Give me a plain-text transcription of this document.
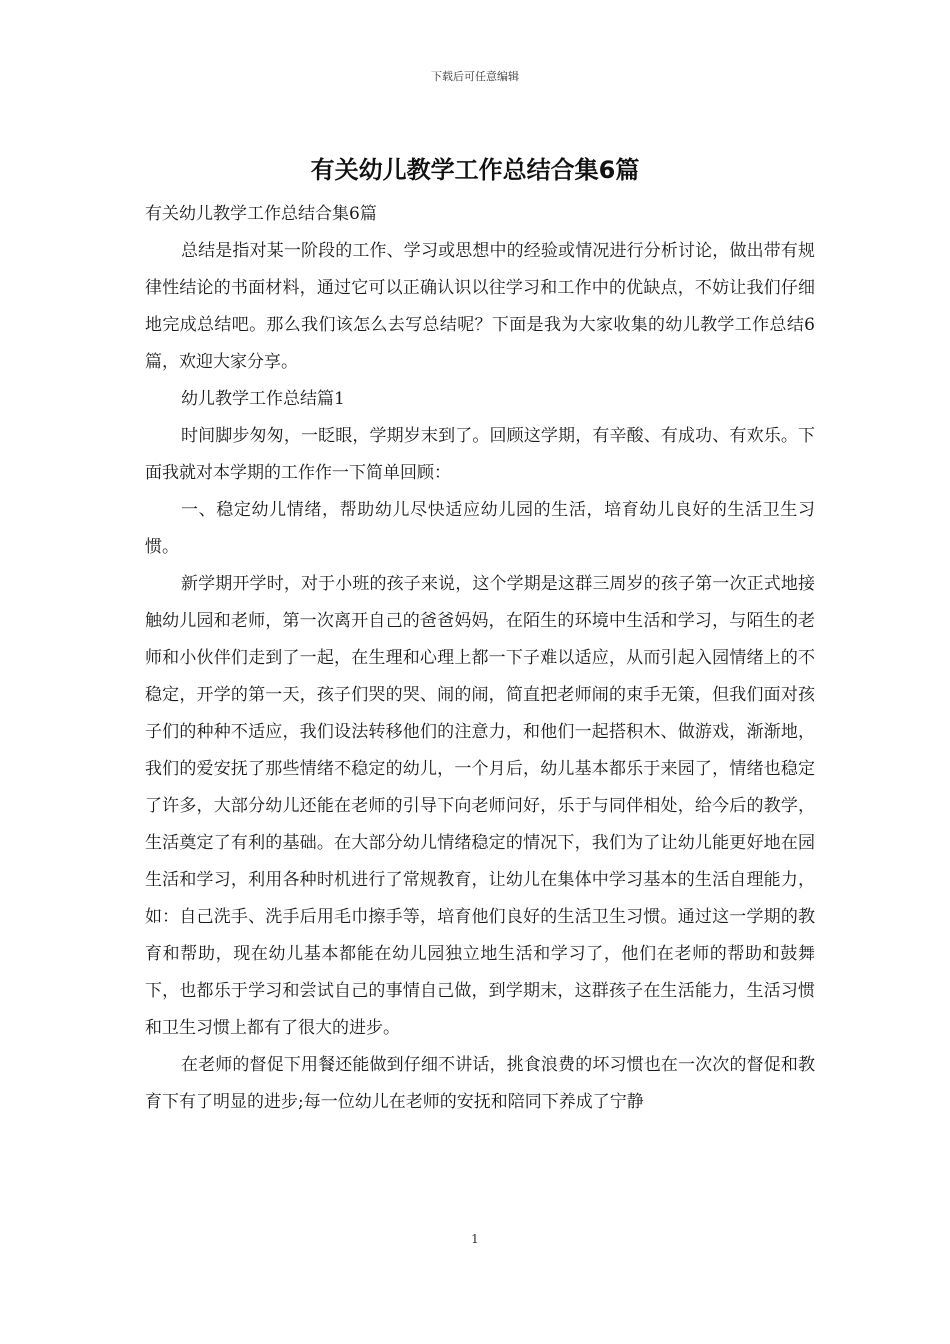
下载后可任意编辑
有关幼儿教学工作总结合集6篇

有关幼儿教学工作总结合集6篇

总结是指对某一阶段的工作、学习或思想中的经验或情况进行分析讨论，做出带有规律性结论的书面材料，通过它可以正确认识以往学习和工作中的优缺点，不妨让我们仔细地完成总结吧。那么我们该怎么去写总结呢？下面是我为大家收集的幼儿教学工作总结6篇，欢迎大家分享。

幼儿教学工作总结篇1

时间脚步匆匆，一眨眼，学期岁末到了。回顾这学期，有辛酸、有成功、有欢乐。下面我就对本学期的工作作一下简单回顾：

一、稳定幼儿情绪，帮助幼儿尽快适应幼儿园的生活，培育幼儿良好的生活卫生习惯。

新学期开学时，对于小班的孩子来说，这个学期是这群三周岁的孩子第一次正式地接触幼儿园和老师，第一次离开自己的爸爸妈妈，在陌生的环境中生活和学习，与陌生的老师和小伙伴们走到了一起，在生理和心理上都一下子难以适应，从而引起入园情绪上的不稳定，开学的第一天，孩子们哭的哭、闹的闹，简直把老师闹的束手无策，但我们面对孩子们的种种不适应，我们设法转移他们的注意力，和他们一起搭积木、做游戏，渐渐地，我们的爱安抚了那些情绪不稳定的幼儿，一个月后，幼儿基本都乐于来园了，情绪也稳定了许多，大部分幼儿还能在老师的引导下向老师问好，乐于与同伴相处，给今后的教学，生活奠定了有利的基础。在大部分幼儿情绪稳定的情况下，我们为了让幼儿能更好地在园生活和学习，利用各种时机进行了常规教育，让幼儿在集体中学习基本的生活自理能力，如：自己洗手、洗手后用毛巾擦手等，培育他们良好的生活卫生习惯。通过这一学期的教育和帮助，现在幼儿基本都能在幼儿园独立地生活和学习了，他们在老师的帮助和鼓舞下，也都乐于学习和尝试自己的事情自己做，到学期末，这群孩子在生活能力，生活习惯和卫生习惯上都有了很大的进步。

在老师的督促下用餐还能做到仔细不讲话，挑食浪费的坏习惯也在一次次的督促和教育下有了明显的进步;每一位幼儿在老师的安抚和陪同下养成了宁静

1
